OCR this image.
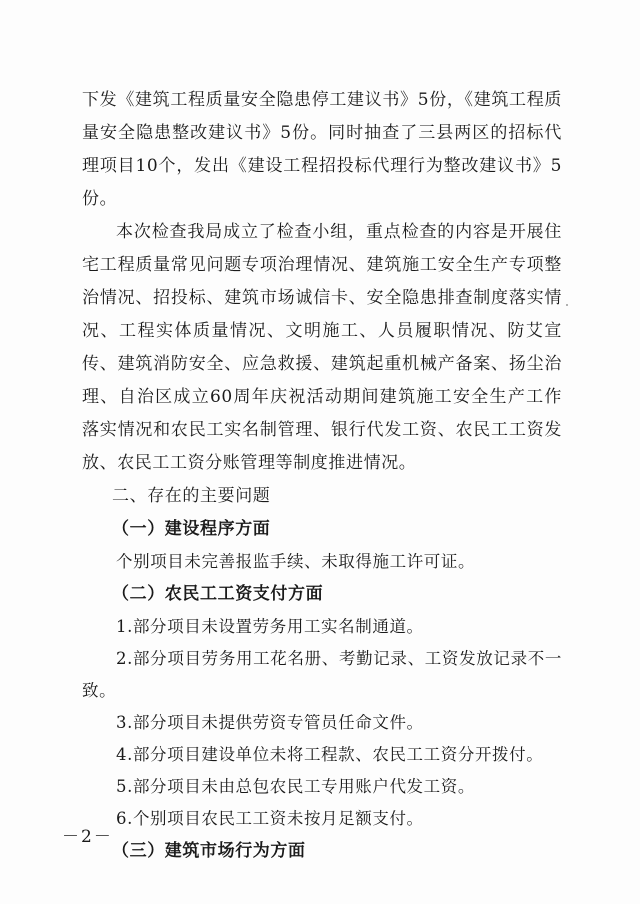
下发《建筑工程质量安全隐患停工建议书》5份，《建筑工程质量安全隐患整改建议书》5份。同时抽查了三县两区的招标代理项目10个，发出《建设工程招投标代理行为整改建议书》5份。

本次检查我局成立了检查小组，重点检查的内容是开展住宅工程质量常见问题专项治理情况、建筑施工安全生产专项整治情况、招投标、建筑市场诚信卡、安全隐患排查制度落实情况、工程实体质量情况、文明施工、人员履职情况、防艾宣传、建筑消防安全、应急救援、建筑起重机械产备案、扬尘治理、自治区成立60周年庆祝活动期间建筑施工安全生产工作落实情况和农民工实名制管理、银行代发工资、农民工工资发放、农民工工资分账管理等制度推进情况。

二、存在的主要问题

（一）建设程序方面

个别项目未完善报监手续、未取得施工许可证。

（二）农民工工资支付方面

1.部分项目未设置劳务用工实名制通道。

2.部分项目劳务用工花名册、考勤记录、工资发放记录不一致。

3.部分项目未提供劳资专管员任命文件。

4.部分项目建设单位未将工程款、农民工工资分开拨付。

5.部分项目未由总包农民工专用账户代发工资。

6.个别项目农民工工资未按月足额支付。

（三）建筑市场行为方面

－2－
